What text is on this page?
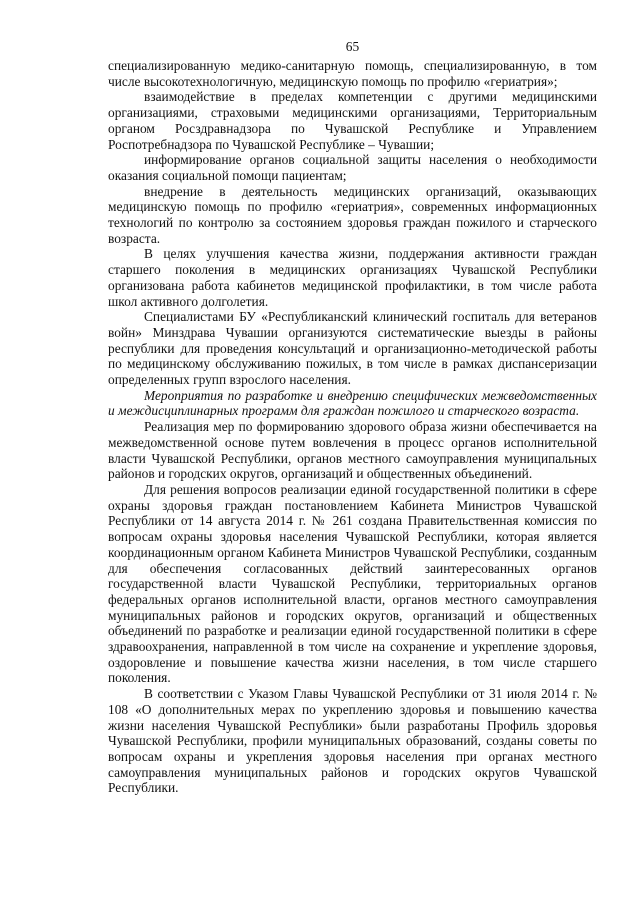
65

специализированную медико-санитарную помощь, специализированную, в том числе высокотехнологичную, медицинскую помощь по профилю «гериатрия»;

взаимодействие в пределах компетенции с другими медицинскими организациями, страховыми медицинскими организациями, Территориальным органом Росздравнадзора по Чувашской Республике и Управлением Роспотребнадзора по Чувашской Республике – Чувашии;

информирование органов социальной защиты населения о необходимости оказания социальной помощи пациентам;

внедрение в деятельность медицинских организаций, оказывающих медицинскую помощь по профилю «гериатрия», современных информационных технологий по контролю за состоянием здоровья граждан пожилого и старческого возраста.

В целях улучшения качества жизни, поддержания активности граждан старшего поколения в медицинских организациях Чувашской Республики организована работа кабинетов медицинской профилактики, в том числе работа школ активного долголетия.

Специалистами БУ «Республиканский клинический госпиталь для ветеранов войн» Минздрава Чувашии организуются систематические выезды в районы республики для проведения консультаций и организационно-методической работы по медицинскому обслуживанию пожилых, в том числе в рамках диспансеризации определенных групп взрослого населения.

Мероприятия по разработке и внедрению специфических межведомственных и междисциплинарных программ для граждан пожилого и старческого возраста.

Реализация мер по формированию здорового образа жизни обеспечивается на межведомственной основе путем вовлечения в процесс органов исполнительной власти Чувашской Республики, органов местного самоуправления муниципальных районов и городских округов, организаций и общественных объединений.

Для решения вопросов реализации единой государственной политики в сфере охраны здоровья граждан постановлением Кабинета Министров Чувашской Республики от 14 августа 2014 г. № 261 создана Правительственная комиссия по вопросам охраны здоровья населения Чувашской Республики, которая является координационным органом Кабинета Министров Чувашской Республики, созданным для обеспечения согласованных действий заинтересованных органов государственной власти Чувашской Республики, территориальных органов федеральных органов исполнительной власти, органов местного самоуправления муниципальных районов и городских округов, организаций и общественных объединений по разработке и реализации единой государственной политики в сфере здравоохранения, направленной в том числе на сохранение и укрепление здоровья, оздоровление и повышение качества жизни населения, в том числе старшего поколения.

В соответствии с Указом Главы Чувашской Республики от 31 июля 2014 г. № 108 «О дополнительных мерах по укреплению здоровья и повышению качества жизни населения Чувашской Республики» были разработаны Профиль здоровья Чувашской Республики, профили муниципальных образований, созданы советы по вопросам охраны и укрепления здоровья населения при органах местного самоуправления муниципальных районов и городских округов Чувашской Республики.
